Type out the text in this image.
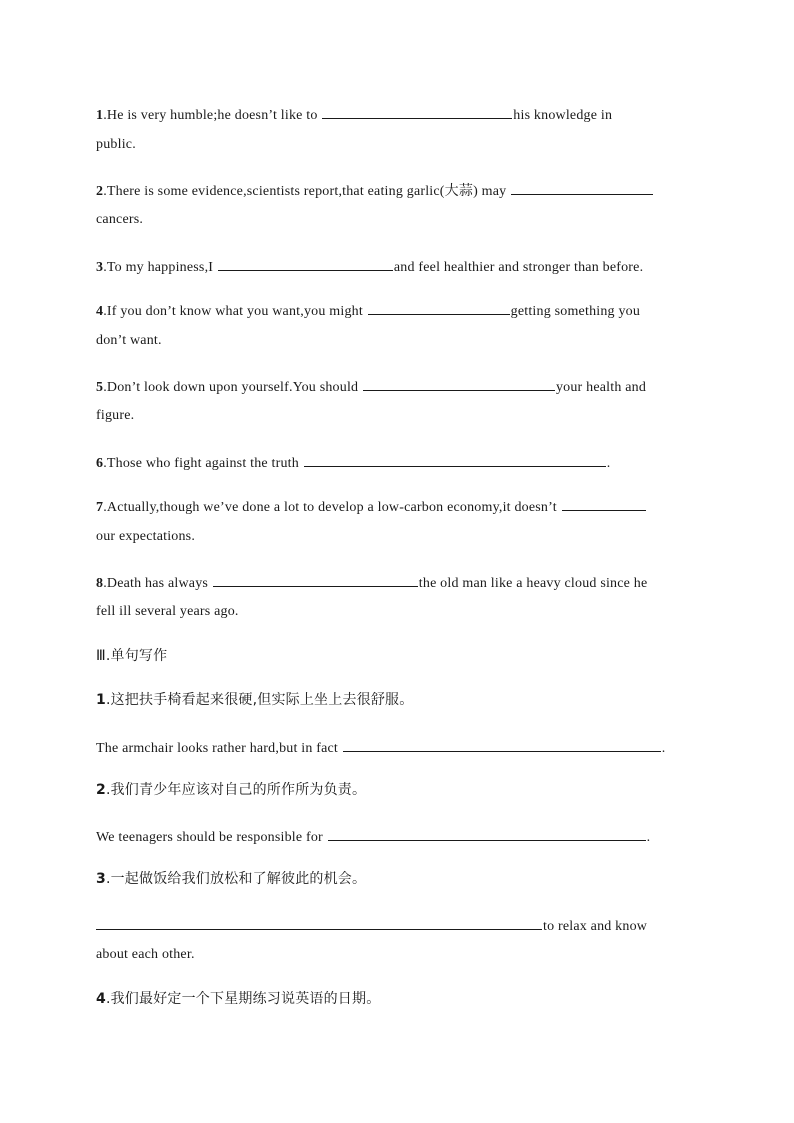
1.He is very humble;he doesn’t like to	his knowledge in
public.
2.There is some evidence,scientists report,that eating garlic(大蒜) may
cancers.
3.To my happiness,I	and feel healthier and stronger than before.
4.If you don’t know what you want,you might	getting something you
don’t want.
5.Don’t look down upon yourself.You should	your health and
figure.
6.Those who fight against the truth	.
7.Actually,though we’ve done a lot to develop a low-carbon economy,it doesn’t
our expectations.
8.Death has always	the old man like a heavy cloud since he
fell ill several years ago.
Ⅲ.单句写作
1.这把扶手椅看起来很硬,但实际上坐上去很舒服。
The armchair looks rather hard,but in fact	.
2.我们青少年应该对自己的所作所为负责。
We teenagers should be responsible for	.
3.一起做饭给我们放松和了解彼此的机会。
to relax and know
about each other.
4.我们最好定一个下星期练习说英语的日期。
